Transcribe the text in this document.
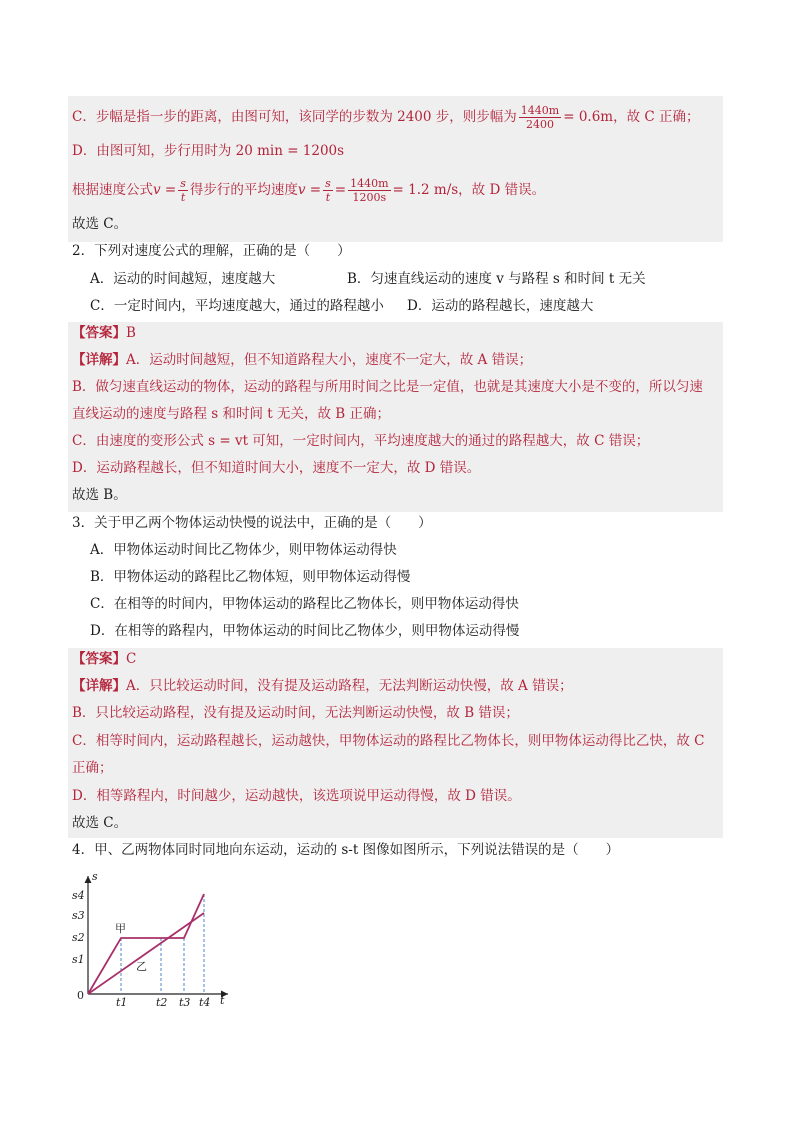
C．步幅是指一步的距离，由图可知，该同学的步数为 2400 步，则步幅为 $\frac{1440m}{2400} = 0.6m$，故 C 正确；
D．由图可知，步行用时为 20 min = 1200s
根据速度公式$v = \frac{s}{t}$ 得步行的平均速度$v = \frac{s}{t} = \frac{1440m}{1200s} = 1.2$ m/s，故 D 错误。
故选 C。
2．下列对速度公式的理解，正确的是（　　）
A．运动的时间越短，速度越大	B．匀速直线运动的速度 v 与路程 s 和时间 t 无关
C．一定时间内，平均速度越大，通过的路程越小 D．运动的路程越长，速度越大
【答案】B
【详解】A．运动时间越短，但不知道路程大小，速度不一定大，故 A 错误；
B．做匀速直线运动的物体，运动的路程与所用时间之比是一定值，也就是其速度大小是不变的，所以匀速
直线运动的速度与路程 s 和时间 t 无关，故 B 正确；
C．由速度的变形公式 s = vt 可知，一定时间内，平均速度越大的通过的路程越大，故 C 错误；
D．运动路程越长，但不知道时间大小，速度不一定大，故 D 错误。
故选 B。
3．关于甲乙两个物体运动快慢的说法中，正确的是（　　）
A．甲物体运动时间比乙物体少，则甲物体运动得快
B．甲物体运动的路程比乙物体短，则甲物体运动得慢
C．在相等的时间内，甲物体运动的路程比乙物体长，则甲物体运动得快
D．在相等的路程内，甲物体运动的时间比乙物体少，则甲物体运动得慢
【答案】C
【详解】A．只比较运动时间，没有提及运动路程，无法判断运动快慢，故 A 错误；
B．只比较运动路程，没有提及运动时间，无法判断运动快慢，故 B 错误；
C．相等时间内，运动路程越长，运动越快，甲物体运动的路程比乙物体长，则甲物体运动得比乙快，故 C
正确；
D．相等路程内，时间越少，运动越快，该选项说甲运动得慢，故 D 错误。
故选 C。
4．甲、乙两物体同时同地向东运动，运动的 s-t 图像如图所示，下列说法错误的是（　　）
s
t
0
s1
s2
s3
s4
t1	t2 t3 t4
甲
乙
